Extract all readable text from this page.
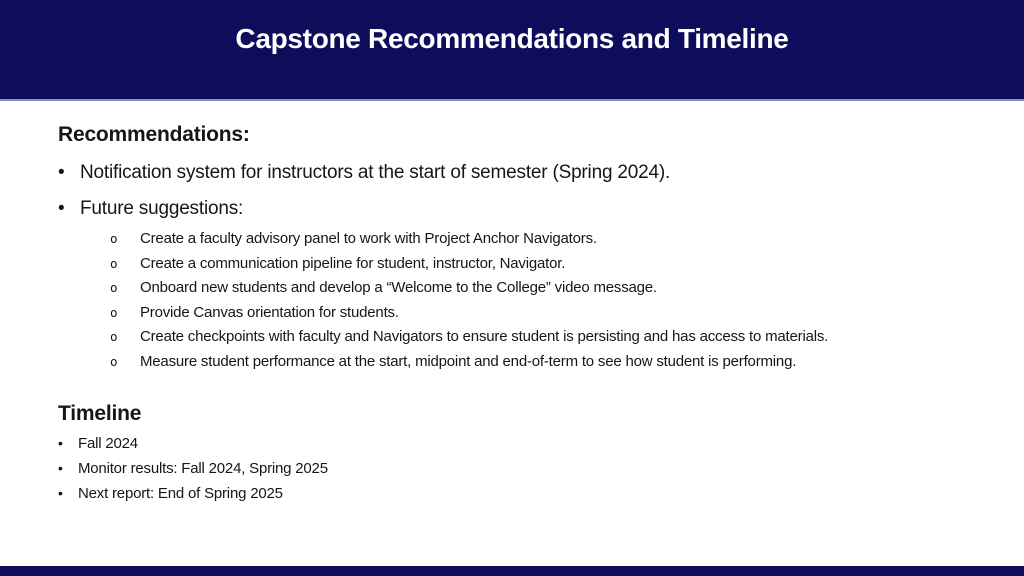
Capstone Recommendations and Timeline
Recommendations:
• Notification system for instructors at the start of semester (Spring 2024).
• Future suggestions:
o	Create a faculty advisory panel to work with Project Anchor Navigators.
o	Create a communication pipeline for student, instructor, Navigator.
o	Onboard new students and develop a “Welcome to the College” video message.
o	Provide Canvas orientation for students.
o	Create checkpoints with faculty and Navigators to ensure student is persisting and has access to materials.
o	Measure student performance at the start, midpoint and end-of-term to see how student is performing.
Timeline
•	Fall 2024
•	Monitor results: Fall 2024, Spring 2025
•	Next report: End of Spring 2025
